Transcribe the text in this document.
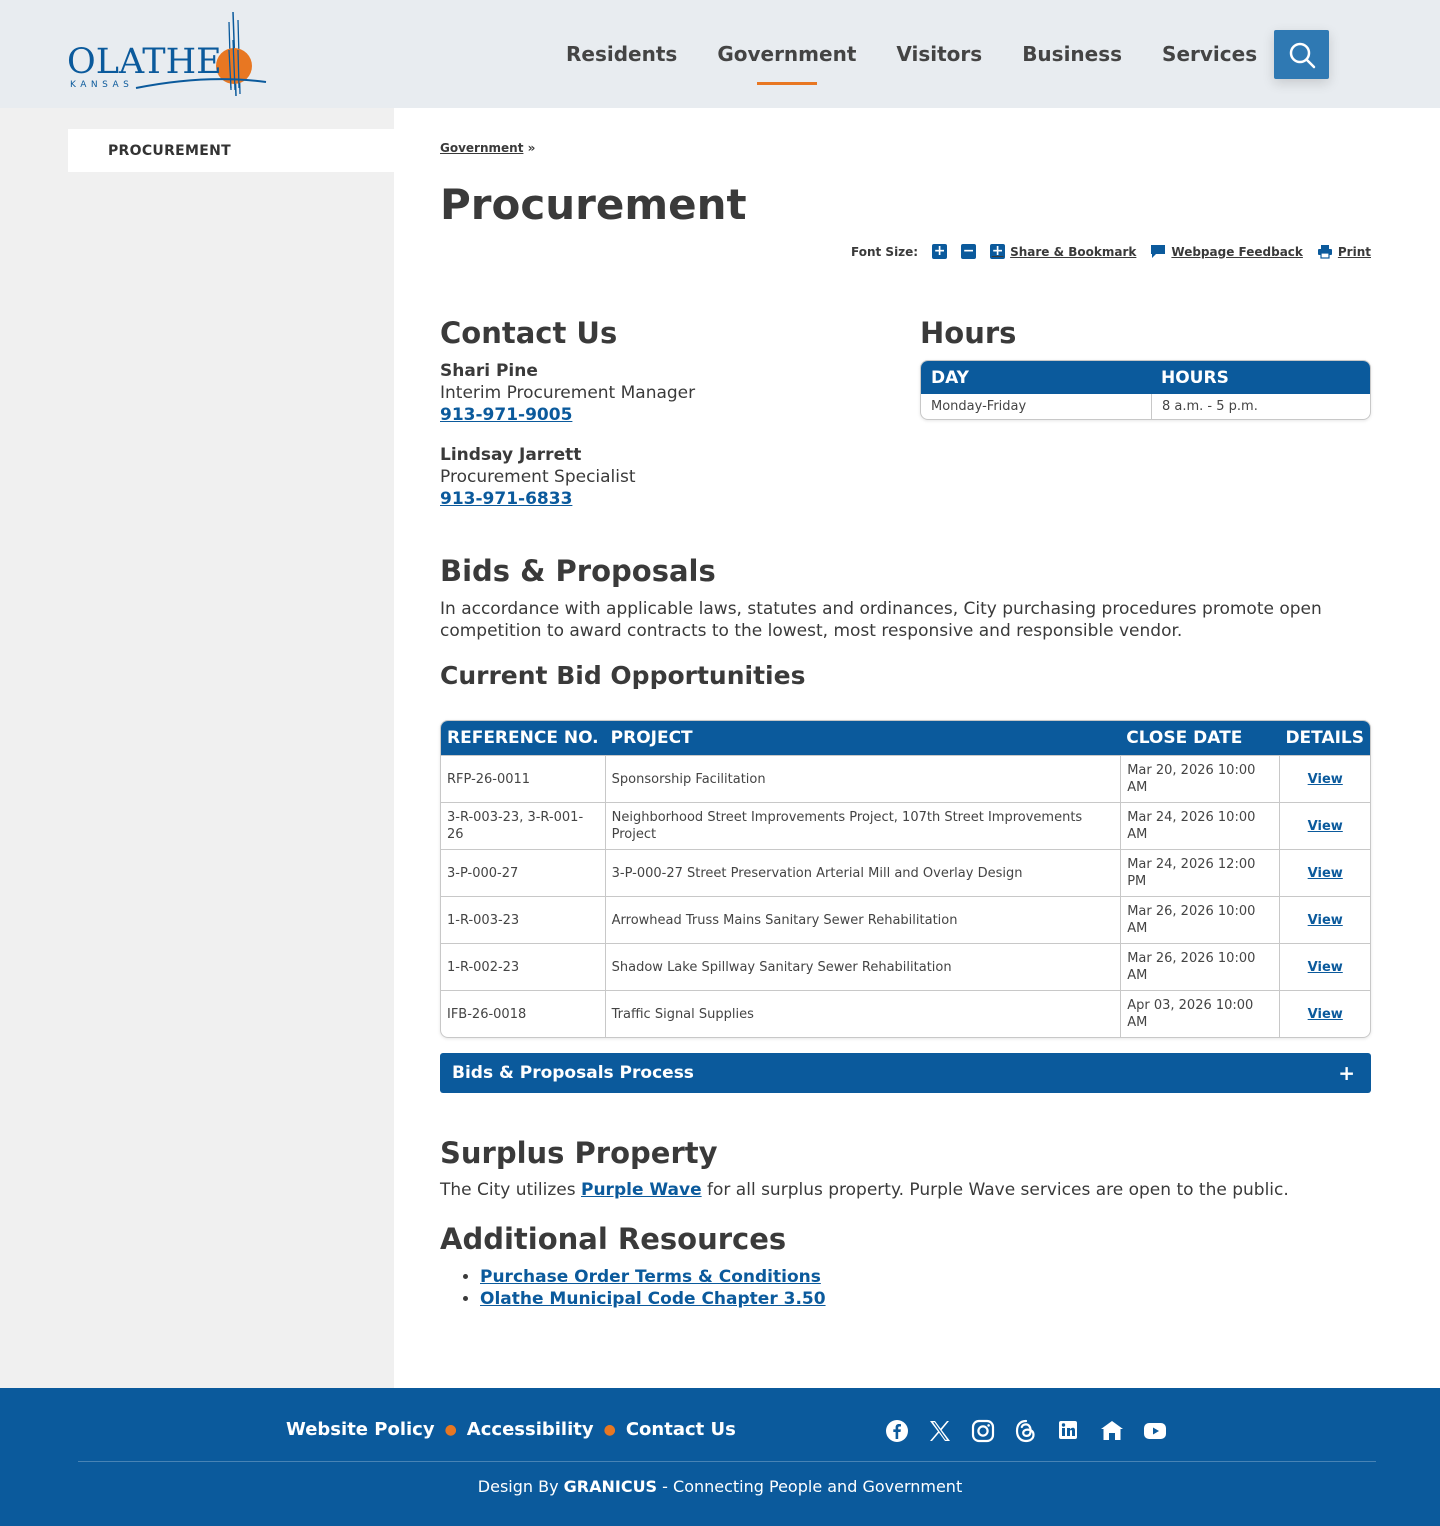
OLATHE
KANSAS
Residents	Government	Visitors	Business	Services
PROCUREMENT	Government »
Procurement
Font Size: + − + Share & Bookmark	Webpage Feedback	Print
Contact Us
Shari Pine
Interim Procurement Manager
913-971-9005
Lindsay Jarrett
Procurement Specialist
913-971-6833
Hours
DAY	HOURS
Monday-Friday	8 a.m. - 5 p.m.
Bids & Proposals

In accordance with applicable laws, statutes and ordinances, City purchasing procedures promote open competition to award contracts to the lowest, most responsive and responsible vendor.

Current Bid Opportunities
REFERENCE NO.	PROJECT	CLOSE DATE	DETAILS
RFP-26-0011	Sponsorship Facilitation	Mar 20, 2026 10:00 AM	View
3-R-003-23, 3-R-001-26	Neighborhood Street Improvements Project, 107th Street Improvements Project	Mar 24, 2026 10:00 AM	View
3-P-000-27	3-P-000-27 Street Preservation Arterial Mill and Overlay Design	Mar 24, 2026 12:00 PM	View
1-R-003-23	Arrowhead Truss Mains Sanitary Sewer Rehabilitation	Mar 26, 2026 10:00 AM	View
1-R-002-23	Shadow Lake Spillway Sanitary Sewer Rehabilitation	Mar 26, 2026 10:00 AM	View
IFB-26-0018	Traffic Signal Supplies	Apr 03, 2026 10:00 AM	View
Bids & Proposals Process	+
Surplus Property

The City utilizes Purple Wave for all surplus property. Purple Wave services are open to the public.

Additional Resources
• Purchase Order Terms & Conditions
• Olathe Municipal Code Chapter 3.50
Website Policy ● Accessibility ● Contact Us
Design By GRANICUS - Connecting People and Government
